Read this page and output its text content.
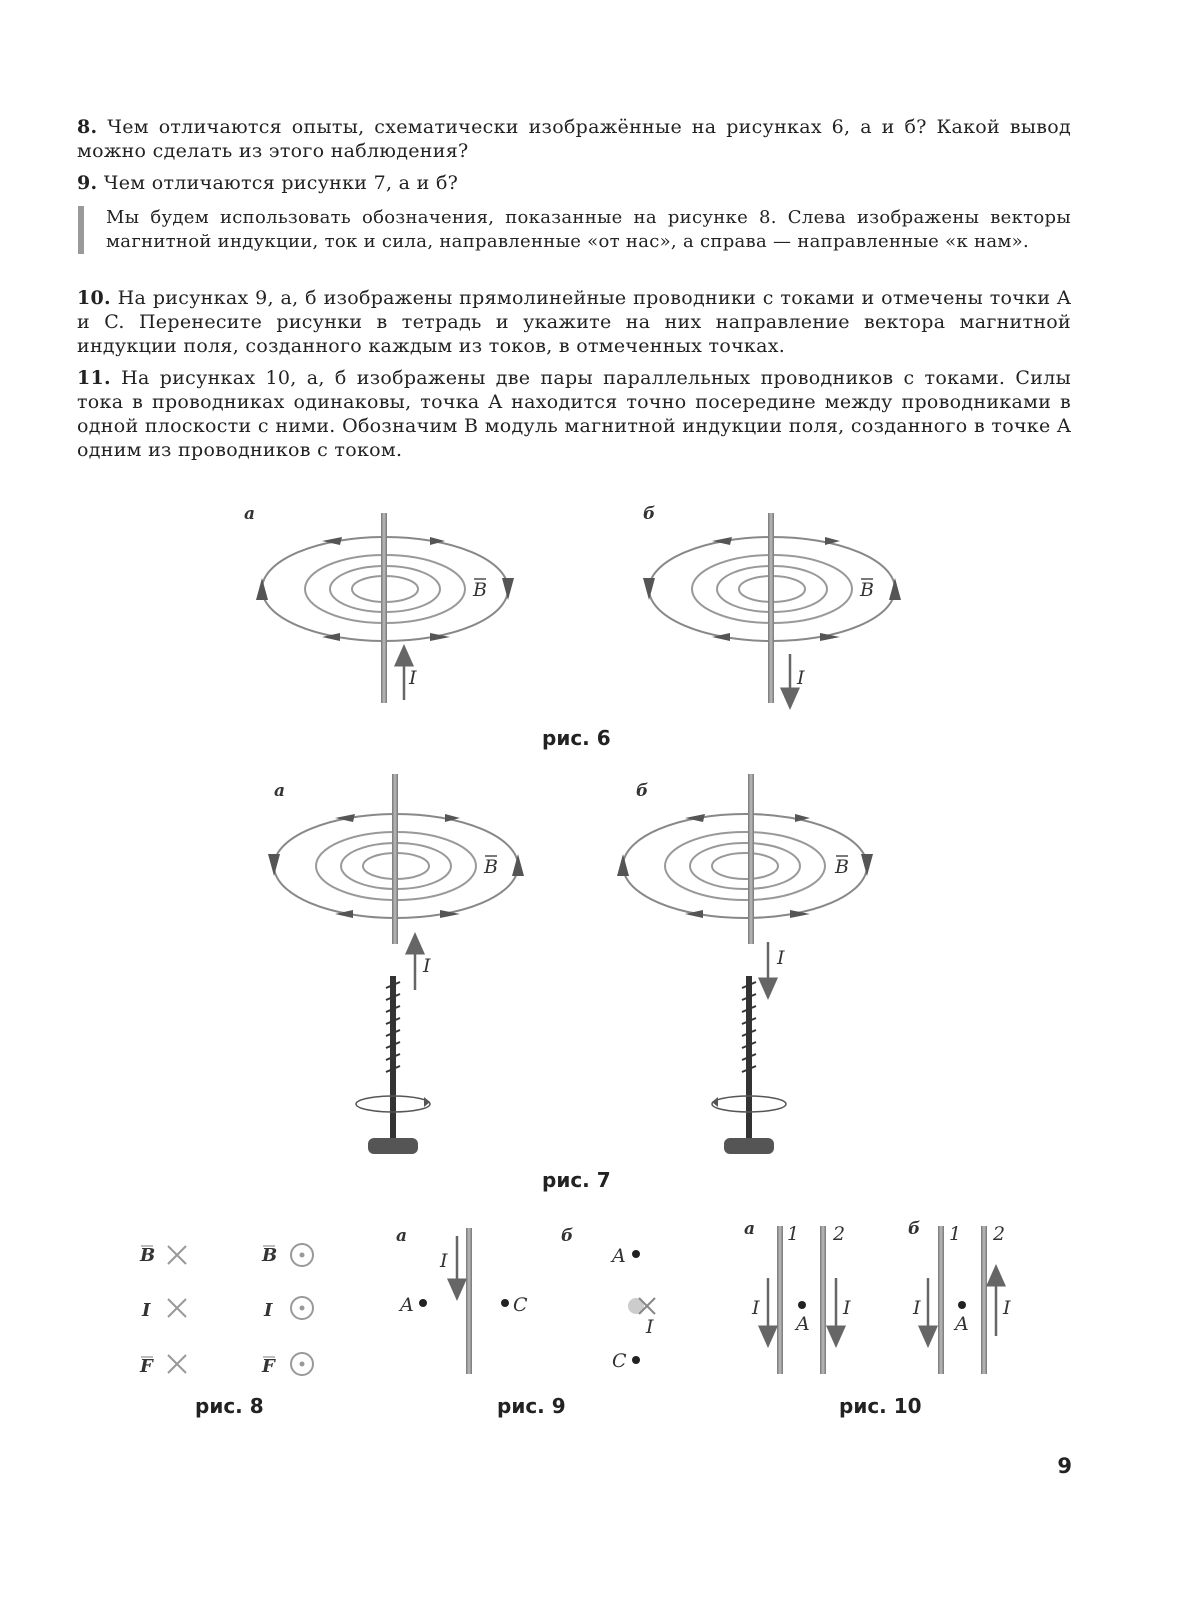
8. Чем отличаются опыты, схематически изображённые на рисунках 6, а и б? Какой вывод можно сделать из этого наблюдения?
9. Чем отличаются рисунки 7, а и б?
Мы будем использовать обозначения, показанные на рисунке 8. Слева изображены векторы магнитной индукции, ток и сила, направленные «от нас», а справа — направленные «к нам».
10. На рисунках 9, а, б изображены прямолинейные проводники с токами и отмечены точки A и C. Перенесите рисунки в тетрадь и укажите на них направление вектора магнитной индукции поля, созданного каждым из токов, в отмеченных точках.
11. На рисунках 10, а, б изображены две пары параллельных проводников с токами. Силы тока в проводниках одинаковы, точка A находится точно посередине между проводниками в одной плоскости с ними. Обозначим B модуль магнитной индукции поля, созданного в точке A одним из проводников с током.
а
I
B
б
I
B
рис. 6
а
I
B
б
I
B
рис. 7
B
I
F
B
I
F
рис. 8
а
I
A	C
б
A
I
C
рис. 9
а 1 2
I	I
A
б 1 2
I	I
A
рис. 10
9
